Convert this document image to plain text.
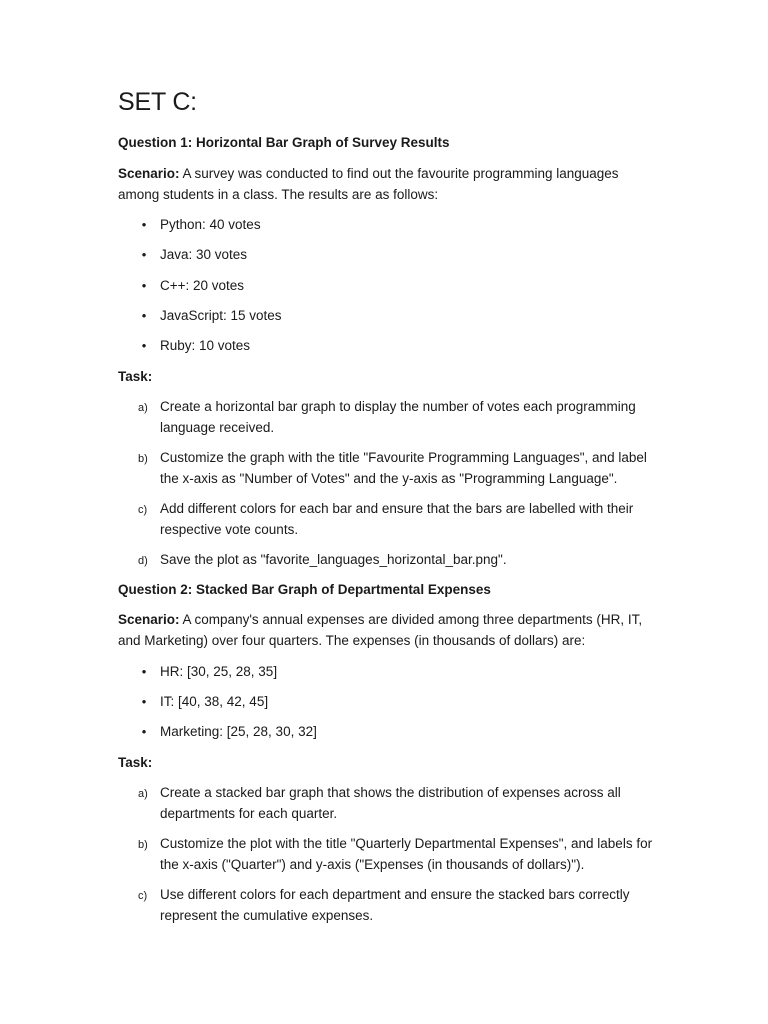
SET C:
Question 1: Horizontal Bar Graph of Survey Results

Scenario: A survey was conducted to find out the favourite programming languages among students in a class. The results are as follows:

• Python: 40 votes
• Java: 30 votes
• C++: 20 votes
• JavaScript: 15 votes
• Ruby: 10 votes
Task:
a) Create a horizontal bar graph to display the number of votes each programming language received.
b) Customize the graph with the title "Favourite Programming Languages", and label the x-axis as "Number of Votes" and the y-axis as "Programming Language".
c) Add different colors for each bar and ensure that the bars are labelled with their respective vote counts.
d) Save the plot as "favorite_languages_horizontal_bar.png".
Question 2: Stacked Bar Graph of Departmental Expenses

Scenario: A company's annual expenses are divided among three departments (HR, IT, and Marketing) over four quarters. The expenses (in thousands of dollars) are:

• HR: [30, 25, 28, 35]
• IT: [40, 38, 42, 45]
• Marketing: [25, 28, 30, 32]
Task:
a) Create a stacked bar graph that shows the distribution of expenses across all departments for each quarter.
b) Customize the plot with the title "Quarterly Departmental Expenses", and labels for the x-axis ("Quarter") and y-axis ("Expenses (in thousands of dollars)").
c) Use different colors for each department and ensure the stacked bars correctly represent the cumulative expenses.
